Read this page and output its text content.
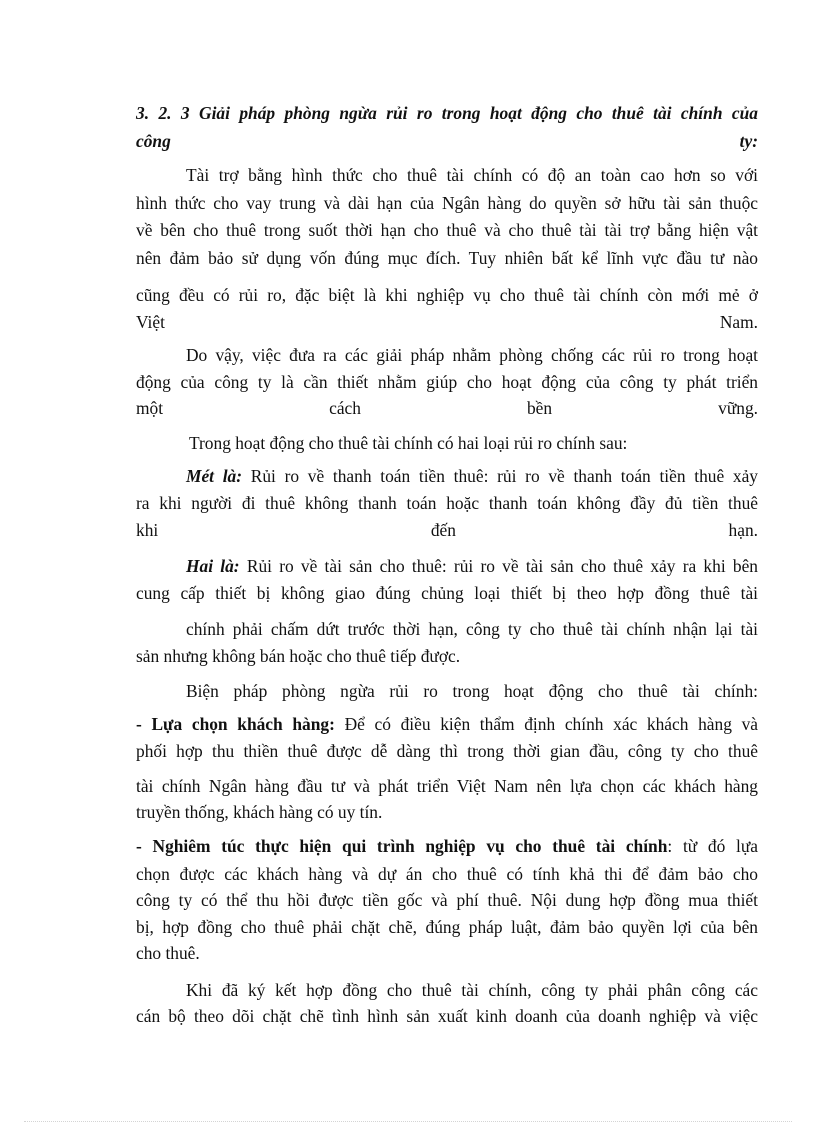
3. 2. 3 Giải pháp phòng ngừa rủi ro trong hoạt động cho thuê tài chính của
công ty:
Tài trợ bằng hình thức cho thuê tài chính có độ an toàn cao hơn so với
hình thức cho vay trung và dài hạn của Ngân hàng do quyền sở hữu tài sản thuộc
về bên cho thuê trong suốt thời hạn cho thuê và cho thuê tài tài trợ bằng hiện vật
nên đảm bảo sử dụng vốn đúng mục đích. Tuy nhiên bất kể lĩnh vực đầu tư nào
cũng đều có rủi ro, đặc biệt là khi nghiệp vụ cho thuê tài chính còn mới mẻ ở
Việt Nam.
Do vậy, việc đưa ra các giải pháp nhằm phòng chống các rủi ro trong hoạt
động của công ty là cần thiết nhằm giúp cho hoạt động của công ty phát triển
một cách bền vững.
Trong hoạt động cho thuê tài chính có hai loại rủi ro chính sau:
Mét là: Rủi ro về thanh toán tiền thuê: rủi ro về thanh toán tiền thuê xảy
ra khi người đi thuê không thanh toán hoặc thanh toán không đầy đủ tiền thuê
khi đến hạn.
Hai là: Rủi ro về tài sản cho thuê: rủi ro về tài sản cho thuê xảy ra khi bên
cung cấp thiết bị không giao đúng chủng loại thiết bị theo hợp đồng thuê tài
chính phải chấm dứt trước thời hạn, công ty cho thuê tài chính nhận lại tài
sản nhưng không bán hoặc cho thuê tiếp được.
Biện pháp phòng ngừa rủi ro trong hoạt động cho thuê tài chính:
- Lựa chọn khách hàng: Để có điều kiện thẩm định chính xác khách hàng và
phối hợp thu thiền thuê được dễ dàng thì trong thời gian đầu, công ty cho thuê
tài chính Ngân hàng đầu tư và phát triển Việt Nam nên lựa chọn các khách hàng
truyền thống, khách hàng có uy tín.
- Nghiêm túc thực hiện qui trình nghiệp vụ cho thuê tài chính: từ đó lựa
chọn được các khách hàng và dự án cho thuê có tính khả thi để đảm bảo cho
công ty có thể thu hồi được tiền gốc và phí thuê. Nội dung hợp đồng mua thiết
bị, hợp đồng cho thuê phải chặt chẽ, đúng pháp luật, đảm bảo quyền lợi của bên
cho thuê.
Khi đã ký kết hợp đồng cho thuê tài chính, công ty phải phân công các
cán bộ theo dõi chặt chẽ tình hình sản xuất kinh doanh của doanh nghiệp và việc
